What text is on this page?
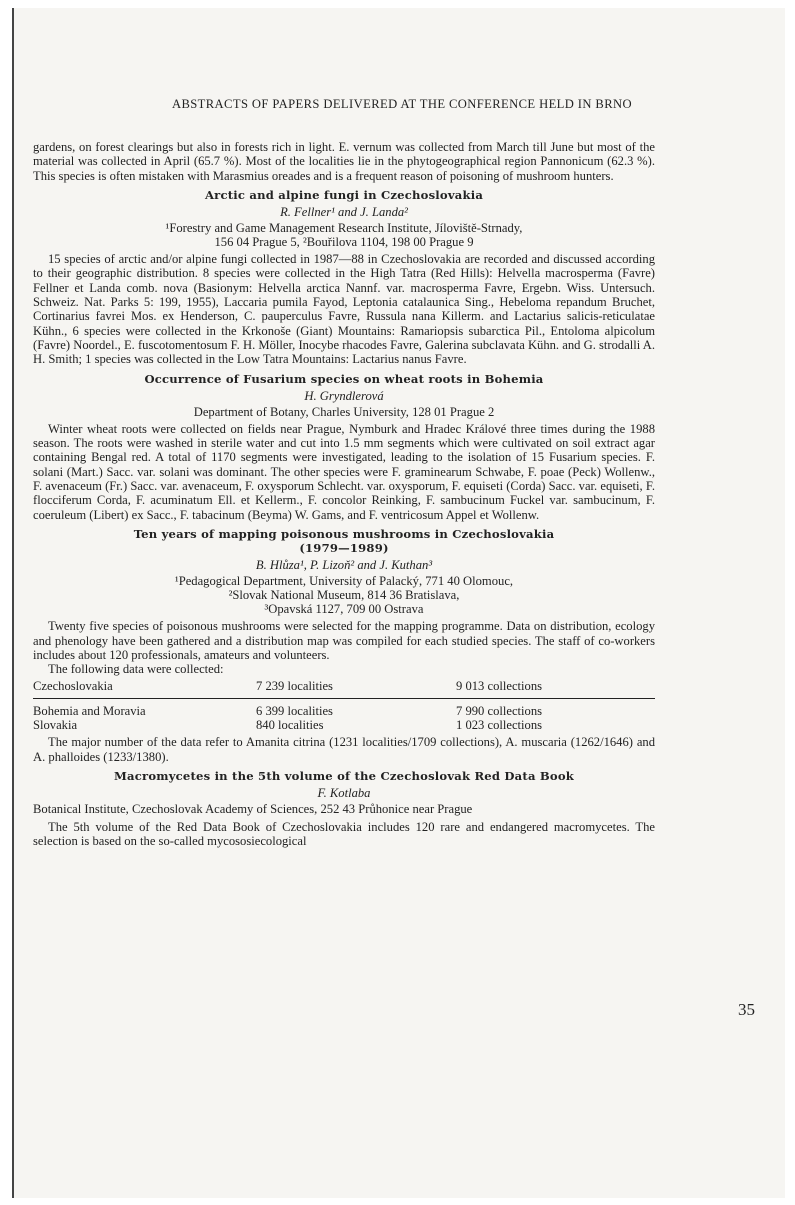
ABSTRACTS OF PAPERS DELIVERED AT THE CONFERENCE HELD IN BRNO

gardens, on forest clearings but also in forests rich in light. E. vernum was collected from March till June but most of the material was collected in April (65.7 %). Most of the localities lie in the phytogeographical region Pannonicum (62.3 %). This species is often mistaken with Marasmius oreades and is a frequent reason of poisoning of mushroom hunters.

Arctic and alpine fungi in Czechoslovakia
R. Fellner¹ and J. Landa²
¹Forestry and Game Management Research Institute, Jíloviště-Strnady,
156 04 Prague 5, ²Bouřilova 1104, 198 00 Prague 9

15 species of arctic and/or alpine fungi collected in 1987—88 in Czechoslovakia are recorded and discussed according to their geographic distribution. 8 species were collected in the High Tatra (Red Hills): Helvella macrosperma (Favre) Fellner et Landa comb. nova (Basionym: Helvella arctica Nannf. var. macrosperma Favre, Ergebn. Wiss. Untersuch. Schweiz. Nat. Parks 5: 199, 1955), Laccaria pumila Fayod, Leptonia catalaunica Sing., Hebeloma repandum Bruchet, Cortinarius favrei Mos. ex Henderson, C. pauperculus Favre, Russula nana Killerm. and Lactarius salicis-reticulatae Kühn., 6 species were collected in the Krkonoše (Giant) Mountains: Ramariopsis subarctica Pil., Entoloma alpicolum (Favre) Noordel., E. fuscotomentosum F. H. Möller, Inocybe rhacodes Favre, Galerina subclavata Kühn. and G. strodalli A. H. Smith; 1 species was collected in the Low Tatra Mountains: Lactarius nanus Favre.

Occurrence of Fusarium species on wheat roots in Bohemia
H. Gryndlerová
Department of Botany, Charles University, 128 01 Prague 2

Winter wheat roots were collected on fields near Prague, Nymburk and Hradec Králové three times during the 1988 season. The roots were washed in sterile water and cut into 1.5 mm segments which were cultivated on soil extract agar containing Bengal red. A total of 1170 segments were investigated, leading to the isolation of 15 Fusarium species. F. solani (Mart.) Sacc. var. solani was dominant. The other species were F. graminearum Schwabe, F. poae (Peck) Wollenw., F. avenaceum (Fr.) Sacc. var. avenaceum, F. oxysporum Schlecht. var. oxysporum, F. equiseti (Corda) Sacc. var. equiseti, F. flocciferum Corda, F. acuminatum Ell. et Kellerm., F. concolor Reinking, F. sambucinum Fuckel var. sambucinum, F. coeruleum (Libert) ex Sacc., F. tabacinum (Beyma) W. Gams, and F. ventricosum Appel et Wollenw.

Ten years of mapping poisonous mushrooms in Czechoslovakia
(1979—1989)
B. Hlůza¹, P. Lizoň² and J. Kuthan³
¹Pedagogical Department, University of Palacký, 771 40 Olomouc,
²Slovak National Museum, 814 36 Bratislava,
³Opavská 1127, 709 00 Ostrava

Twenty five species of poisonous mushrooms were selected for the mapping programme. Data on distribution, ecology and phenology have been gathered and a distribution map was compiled for each studied species. The staff of co-workers includes about 120 professionals, amateurs and volunteers.

The following data were collected:

Czechoslovakia	7 239 localities	9 013 collections
Bohemia and Moravia	6 399 localities	7 990 collections
Slovakia	840 localities	1 023 collections

The major number of the data refer to Amanita citrina (1231 localities/1709 collections), A. muscaria (1262/1646) and A. phalloides (1233/1380).

Macromycetes in the 5th volume of the Czechoslovak Red Data Book
F. Kotlaba

Botanical Institute, Czechoslovak Academy of Sciences, 252 43 Průhonice near Prague

The 5th volume of the Red Data Book of Czechoslovakia includes 120 rare and endangered macromycetes. The selection is based on the so-called mycososiecological

35
